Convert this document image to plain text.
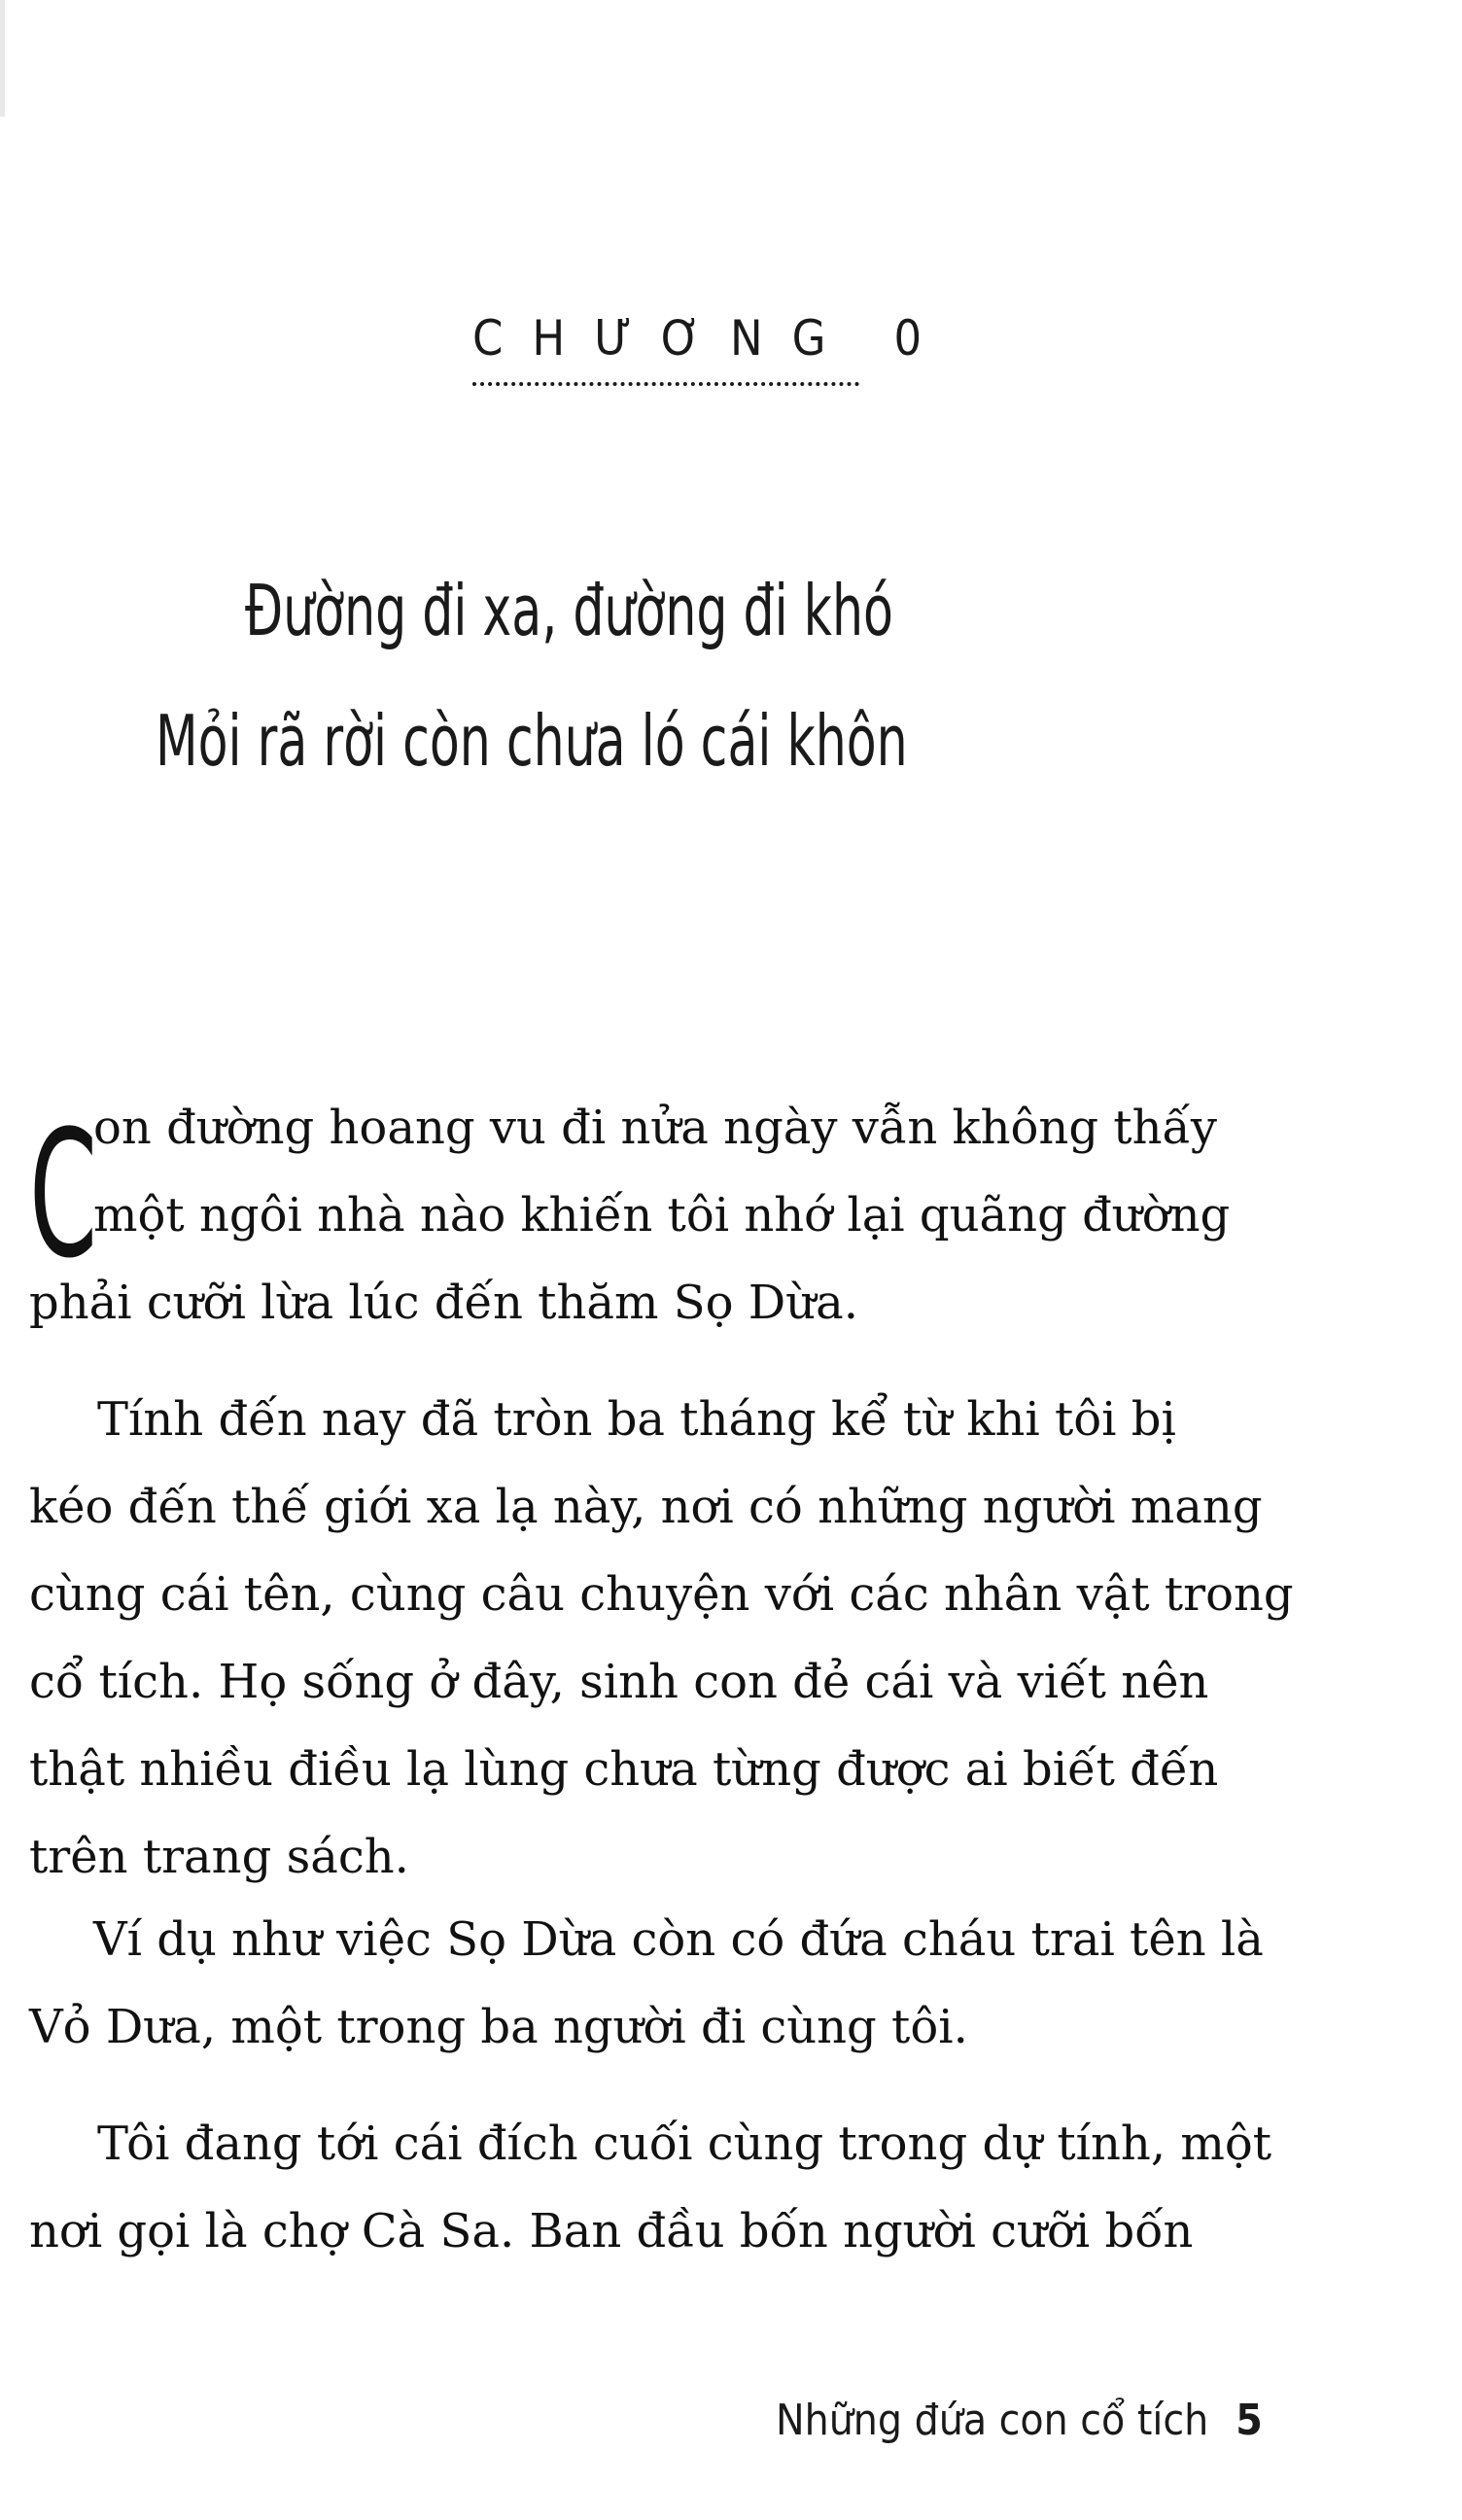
CHƯƠNG 0
Đường đi xa, đường đi khó
Mỏi rã rời còn chưa ló cái khôn
C
on đường hoang vu đi nửa ngày vẫn không thấy
một ngôi nhà nào khiến tôi nhớ lại quãng đường
phải cưỡi lừa lúc đến thăm Sọ Dừa.
Tính đến nay đã tròn ba tháng kể từ khi tôi bị
kéo đến thế giới xa lạ này, nơi có những người mang
cùng cái tên, cùng câu chuyện với các nhân vật trong
cổ tích. Họ sống ở đây, sinh con đẻ cái và viết nên
thật nhiều điều lạ lùng chưa từng được ai biết đến
trên trang sách.
Ví dụ như việc Sọ Dừa còn có đứa cháu trai tên là
Vỏ Dưa, một trong ba người đi cùng tôi.
Tôi đang tới cái đích cuối cùng trong dự tính, một
nơi gọi là chợ Cà Sa. Ban đầu bốn người cưỡi bốn
Những đứa con cổ tích 5
